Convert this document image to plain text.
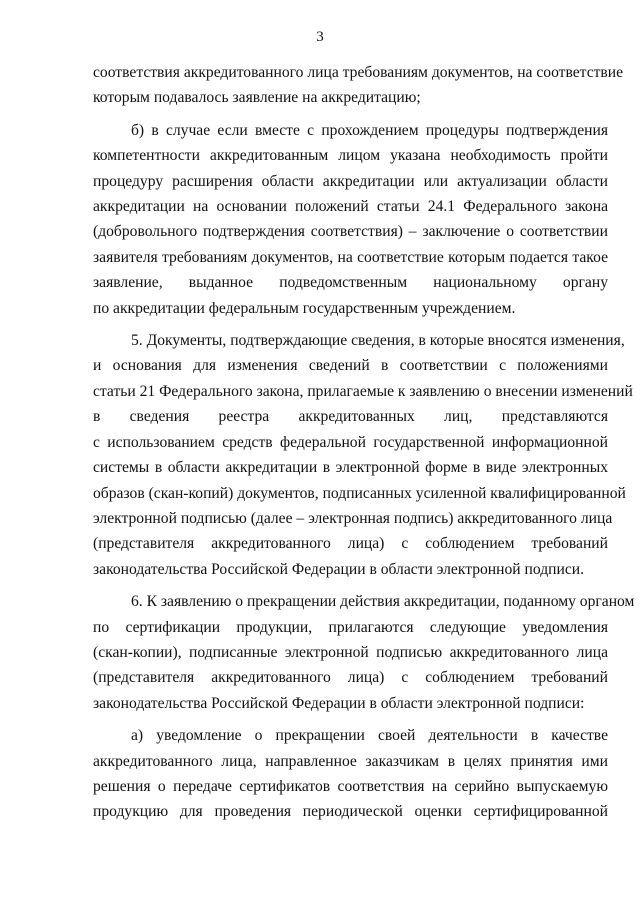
3
соответствия аккредитованного лица требованиям документов, на соответствие
которым подавалось заявление на аккредитацию;
б) в случае если вместе с прохождением процедуры подтверждения
компетентности аккредитованным лицом указана необходимость пройти
процедуру расширения области аккредитации или актуализации области
аккредитации на основании положений статьи 24.1 Федерального закона
(добровольного подтверждения соответствия) – заключение о соответствии
заявителя требованиям документов, на соответствие которым подается такое
заявление, выданное подведомственным национальному органу
по аккредитации федеральным государственным учреждением.
5. Документы, подтверждающие сведения, в которые вносятся изменения,
и основания для изменения сведений в соответствии с положениями
статьи 21 Федерального закона, прилагаемые к заявлению о внесении изменений
в сведения реестра аккредитованных лиц, представляются
с использованием средств федеральной государственной информационной
системы в области аккредитации в электронной форме в виде электронных
образов (скан-копий) документов, подписанных усиленной квалифицированной
электронной подписью (далее – электронная подпись) аккредитованного лица
(представителя аккредитованного лица) с соблюдением требований
законодательства Российской Федерации в области электронной подписи.
6. К заявлению о прекращении действия аккредитации, поданному органом
по сертификации продукции, прилагаются следующие уведомления
(скан-копии), подписанные электронной подписью аккредитованного лица
(представителя аккредитованного лица) с соблюдением требований
законодательства Российской Федерации в области электронной подписи:
а) уведомление о прекращении своей деятельности в качестве
аккредитованного лица, направленное заказчикам в целях принятия ими
решения о передаче сертификатов соответствия на серийно выпускаемую
продукцию для проведения периодической оценки сертифицированной
